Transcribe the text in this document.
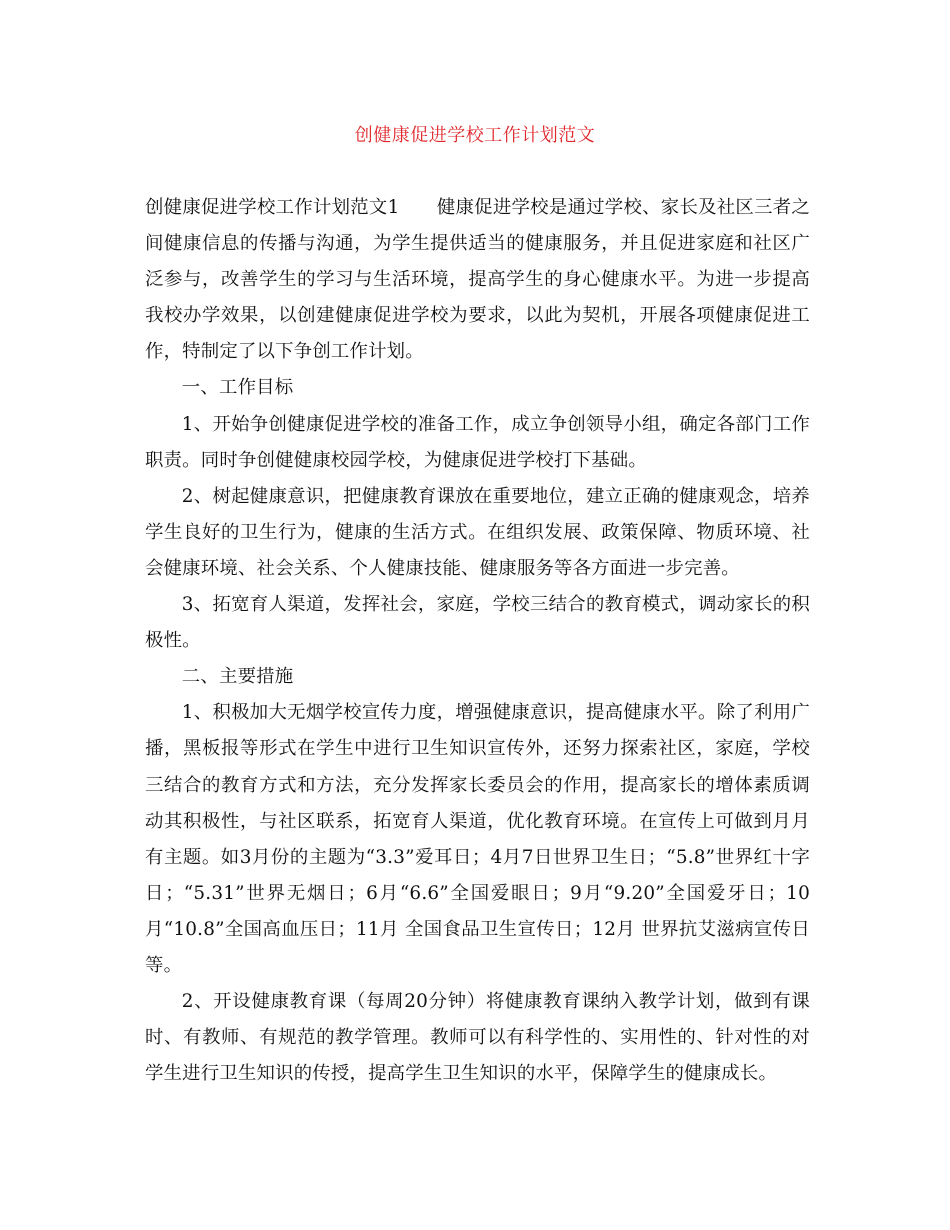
创健康促进学校工作计划范文

创健康促进学校工作计划范文1　　健康促进学校是通过学校、家长及社区三者之间健康信息的传播与沟通，为学生提供适当的健康服务，并且促进家庭和社区广泛参与，改善学生的学习与生活环境，提高学生的身心健康水平。为进一步提高我校办学效果，以创建健康促进学校为要求，以此为契机，开展各项健康促进工作，特制定了以下争创工作计划。

一、工作目标

1、开始争创健康促进学校的准备工作，成立争创领导小组，确定各部门工作职责。同时争创健健康校园学校，为健康促进学校打下基础。

2、树起健康意识，把健康教育课放在重要地位，建立正确的健康观念，培养学生良好的卫生行为，健康的生活方式。在组织发展、政策保障、物质环境、社会健康环境、社会关系、个人健康技能、健康服务等各方面进一步完善。

3、拓宽育人渠道，发挥社会，家庭，学校三结合的教育模式，调动家长的积极性。

二、主要措施

1、积极加大无烟学校宣传力度，增强健康意识，提高健康水平。除了利用广播，黑板报等形式在学生中进行卫生知识宣传外，还努力探索社区，家庭，学校三结合的教育方式和方法，充分发挥家长委员会的作用，提高家长的增体素质调动其积极性，与社区联系，拓宽育人渠道，优化教育环境。在宣传上可做到月月有主题。如3月份的主题为“3.3”爱耳日；4月7日世界卫生日；“5.8”世界红十字日；“5.31”世界无烟日；6月“6.6”全国爱眼日；9月“9.20”全国爱牙日；10月“10.8”全国高血压日；11月 全国食品卫生宣传日；12月 世界抗艾滋病宣传日等。

2、开设健康教育课（每周20分钟）将健康教育课纳入教学计划，做到有课时、有教师、有规范的教学管理。教师可以有科学性的、实用性的、针对性的对学生进行卫生知识的传授，提高学生卫生知识的水平，保障学生的健康成长。
